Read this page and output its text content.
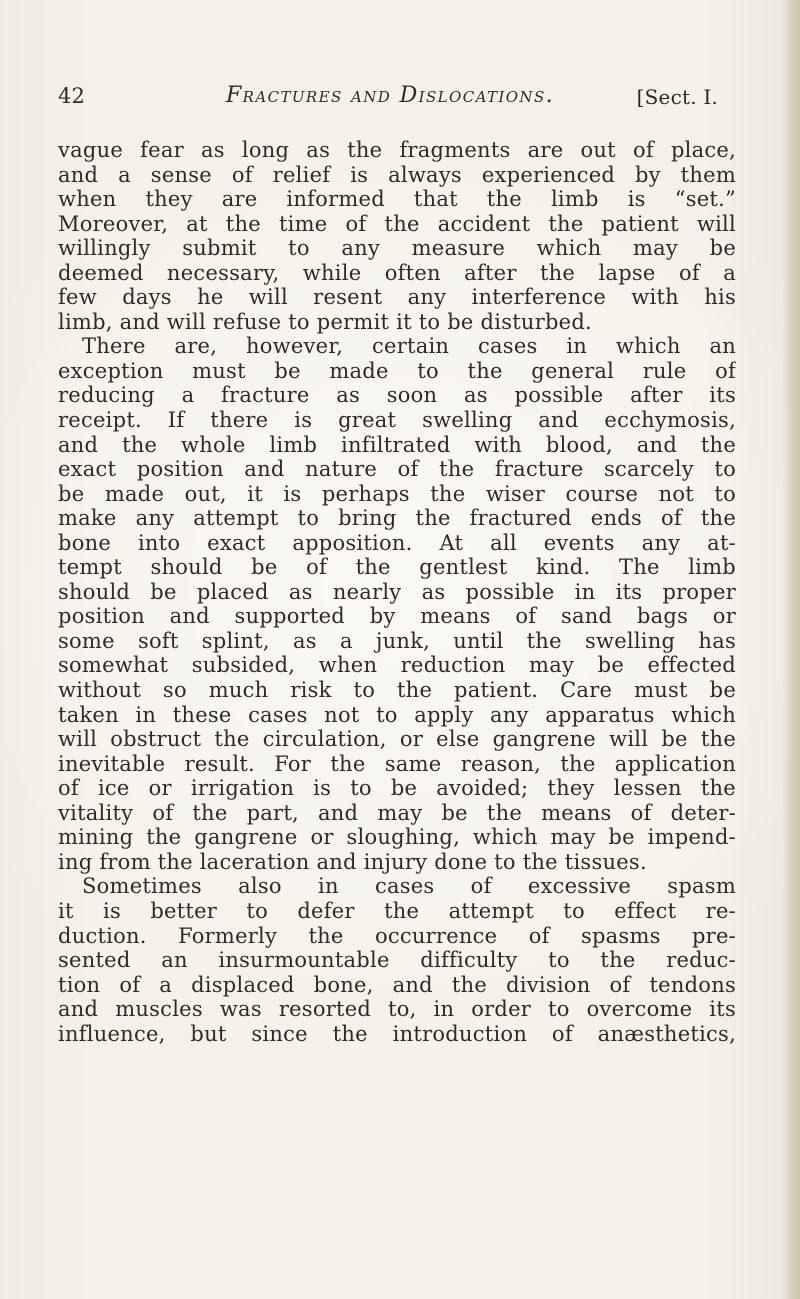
42	Fractures and Dislocations.	[Sect. I.
vague fear as long as the fragments are out of place,
and a sense of relief is always experienced by them
when they are informed that the limb is “set.”
Moreover, at the time of the accident the patient will
willingly submit to any measure which may be
deemed necessary, while often after the lapse of a
few days he will resent any interference with his
limb, and will refuse to permit it to be disturbed.
There are, however, certain cases in which an
exception must be made to the general rule of
reducing a fracture as soon as possible after its
receipt. If there is great swelling and ecchymosis,
and the whole limb infiltrated with blood, and the
exact position and nature of the fracture scarcely to
be made out, it is perhaps the wiser course not to
make any attempt to bring the fractured ends of the
bone into exact apposition. At all events any at-
tempt should be of the gentlest kind. The limb
should be placed as nearly as possible in its proper
position and supported by means of sand bags or
some soft splint, as a junk, until the swelling has
somewhat subsided, when reduction may be effected
without so much risk to the patient. Care must be
taken in these cases not to apply any apparatus which
will obstruct the circulation, or else gangrene will be the
inevitable result. For the same reason, the application
of ice or irrigation is to be avoided; they lessen the
vitality of the part, and may be the means of deter-
mining the gangrene or sloughing, which may be impend-
ing from the laceration and injury done to the tissues.
Sometimes also in cases of excessive spasm
it is better to defer the attempt to effect re-
duction. Formerly the occurrence of spasms pre-
sented an insurmountable difficulty to the reduc-
tion of a displaced bone, and the division of tendons
and muscles was resorted to, in order to overcome its
influence, but since the introduction of anæsthetics,
